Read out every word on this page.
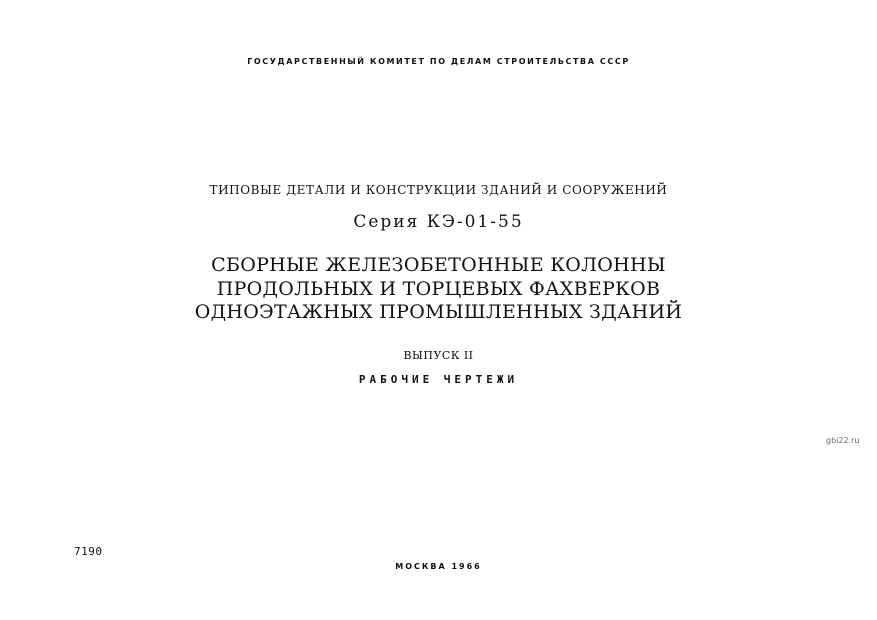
ГОСУДАРСТВЕННЫЙ КОМИТЕТ ПО ДЕЛАМ СТРОИТЕЛЬСТВА СССР
ТИПОВЫЕ ДЕТАЛИ И КОНСТРУКЦИИ ЗДАНИЙ И СООРУЖЕНИЙ
Серия КЭ-01-55
СБОРНЫЕ ЖЕЛЕЗОБЕТОННЫЕ КОЛОННЫ
ПРОДОЛЬНЫХ И ТОРЦЕВЫХ ФАХВЕРКОВ
ОДНОЭТАЖНЫХ ПРОМЫШЛЕННЫХ ЗДАНИЙ
ВЫПУСК II
РАБОЧИЕ ЧЕРТЕЖИ
gbi22.ru
7190
МОСКВА 1966
